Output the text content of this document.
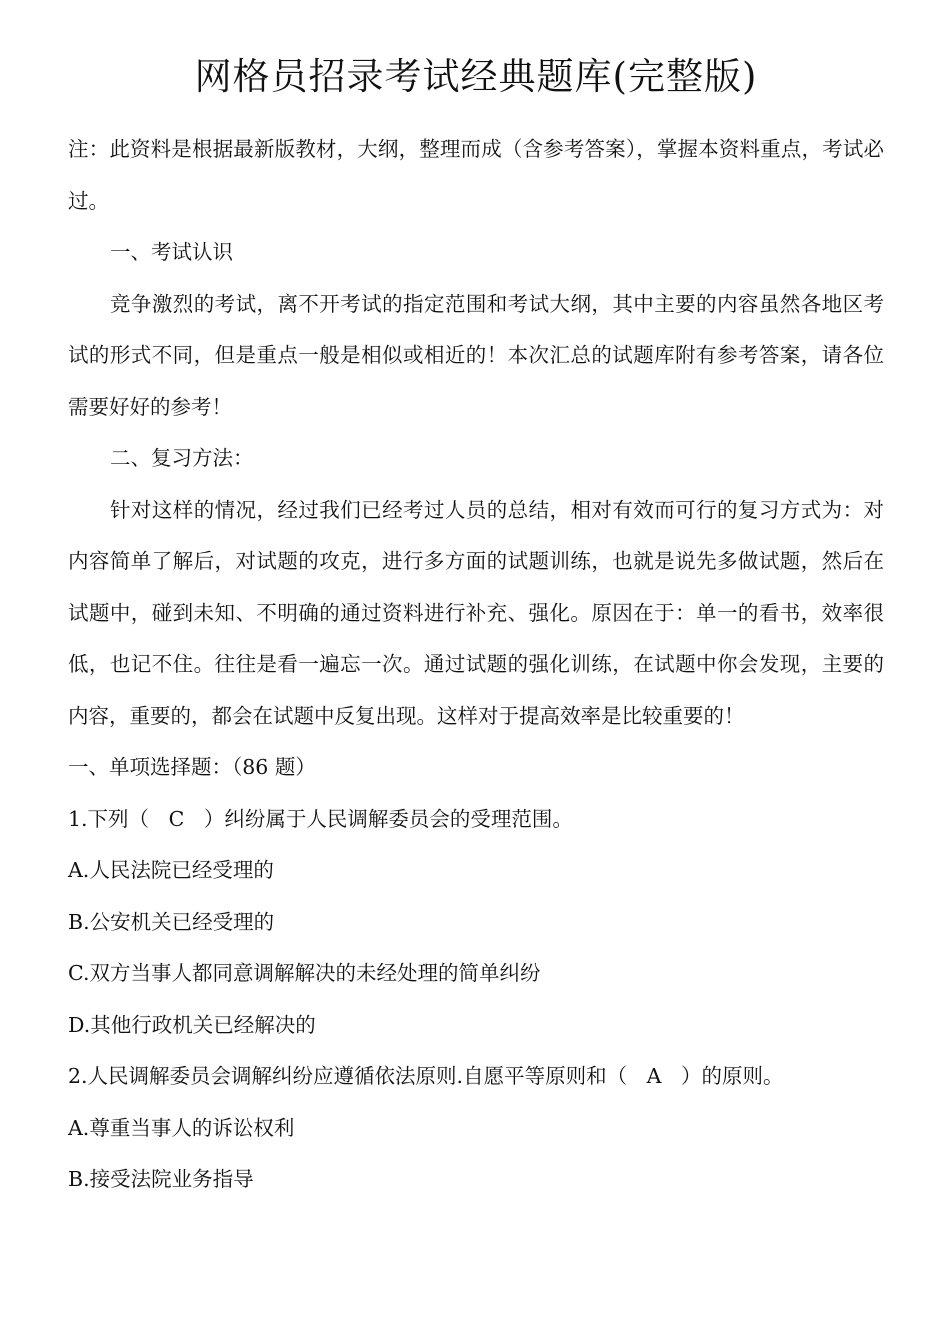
网格员招录考试经典题库(完整版)

注：此资料是根据最新版教材，大纲，整理而成（含参考答案），掌握本资料重点，考试必过。

一、考试认识

竞争激烈的考试，离不开考试的指定范围和考试大纲，其中主要的内容虽然各地区考试的形式不同，但是重点一般是相似或相近的！本次汇总的试题库附有参考答案，请各位需要好好的参考！

二、复习方法：

针对这样的情况，经过我们已经考过人员的总结，相对有效而可行的复习方式为：对内容简单了解后，对试题的攻克，进行多方面的试题训练，也就是说先多做试题，然后在试题中，碰到未知、不明确的通过资料进行补充、强化。原因在于：单一的看书，效率很低，也记不住。往往是看一遍忘一次。通过试题的强化训练，在试题中你会发现，主要的内容，重要的，都会在试题中反复出现。这样对于提高效率是比较重要的！

一、单项选择题：（86 题）

1.下列（   C   ）纠纷属于人民调解委员会的受理范围。

A.人民法院已经受理的

B.公安机关已经受理的

C.双方当事人都同意调解解决的未经处理的简单纠纷

D.其他行政机关已经解决的

2.人民调解委员会调解纠纷应遵循依法原则.自愿平等原则和（   A   ）的原则。

A.尊重当事人的诉讼权利

B.接受法院业务指导
